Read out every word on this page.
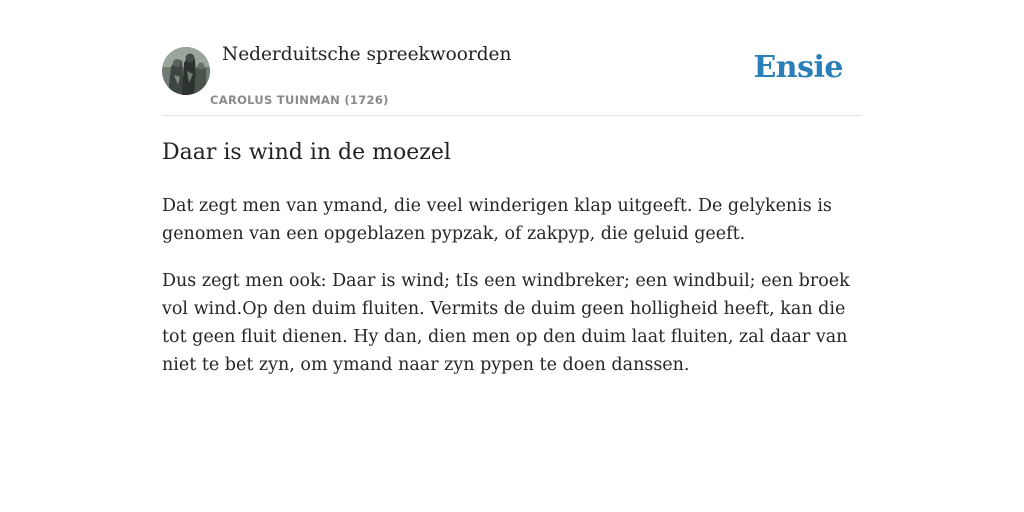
Nederduitsche spreekwoorden
CAROLUS TUINMAN (1726)
Ensie
Daar is wind in de moezel

Dat zegt men van ymand, die veel winderigen klap uitgeeft. De gelykenis is genomen van een opgeblazen pypzak, of zakpyp, die geluid geeft.

Dus zegt men ook: Daar is wind; tIs een windbreker; een windbuil; een broek vol wind.Op den duim fluiten. Vermits de duim geen holligheid heeft, kan die tot geen fluit dienen. Hy dan, dien men op den duim laat fluiten, zal daar van niet te bet zyn, om ymand naar zyn pypen te doen danssen.
